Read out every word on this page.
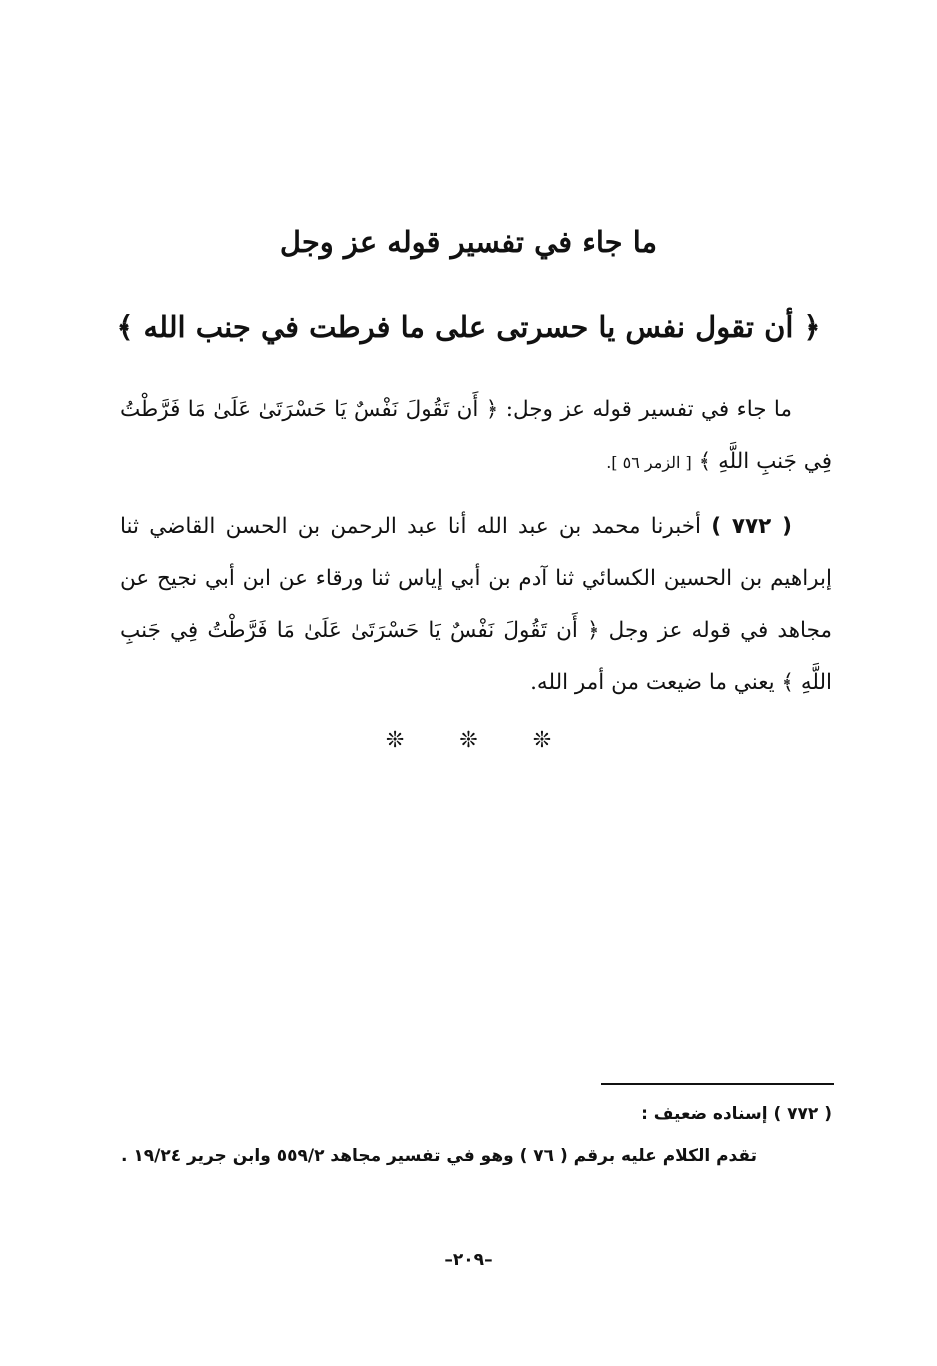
ما جاء في تفسير قوله عز وجل
﴿ أن تقول نفس يا حسرتى على ما فرطت في جنب الله ﴾

ما جاء في تفسير قوله عز وجل: ﴿ أَن تَقُولَ نَفْسٌ يَا حَسْرَتَىٰ عَلَىٰ مَا فَرَّطْتُ فِي جَنبِ اللَّهِ ﴾ [ الزمر ٥٦ ].

( ٧٧٢ ) أخبرنا محمد بن عبد الله أنا عبد الرحمن بن الحسن القاضي ثنا إبراهيم بن الحسين الكسائي ثنا آدم بن أبي إياس ثنا ورقاء عن ابن أبي نجيح عن مجاهد في قوله عز وجل ﴿ أَن تَقُولَ نَفْسٌ يَا حَسْرَتَىٰ عَلَىٰ مَا فَرَّطْتُ فِي جَنبِ اللَّهِ ﴾ يعني ما ضيعت من أمر الله.

❊ ❊ ❊
( ٧٧٢ ) إسناده ضعيف :
تقدم الكلام عليه برقم ( ٧٦ ) وهو في تفسير مجاهد ٥٥٩/٢ وابن جرير ١٩/٢٤ .
–٢٠٩–
